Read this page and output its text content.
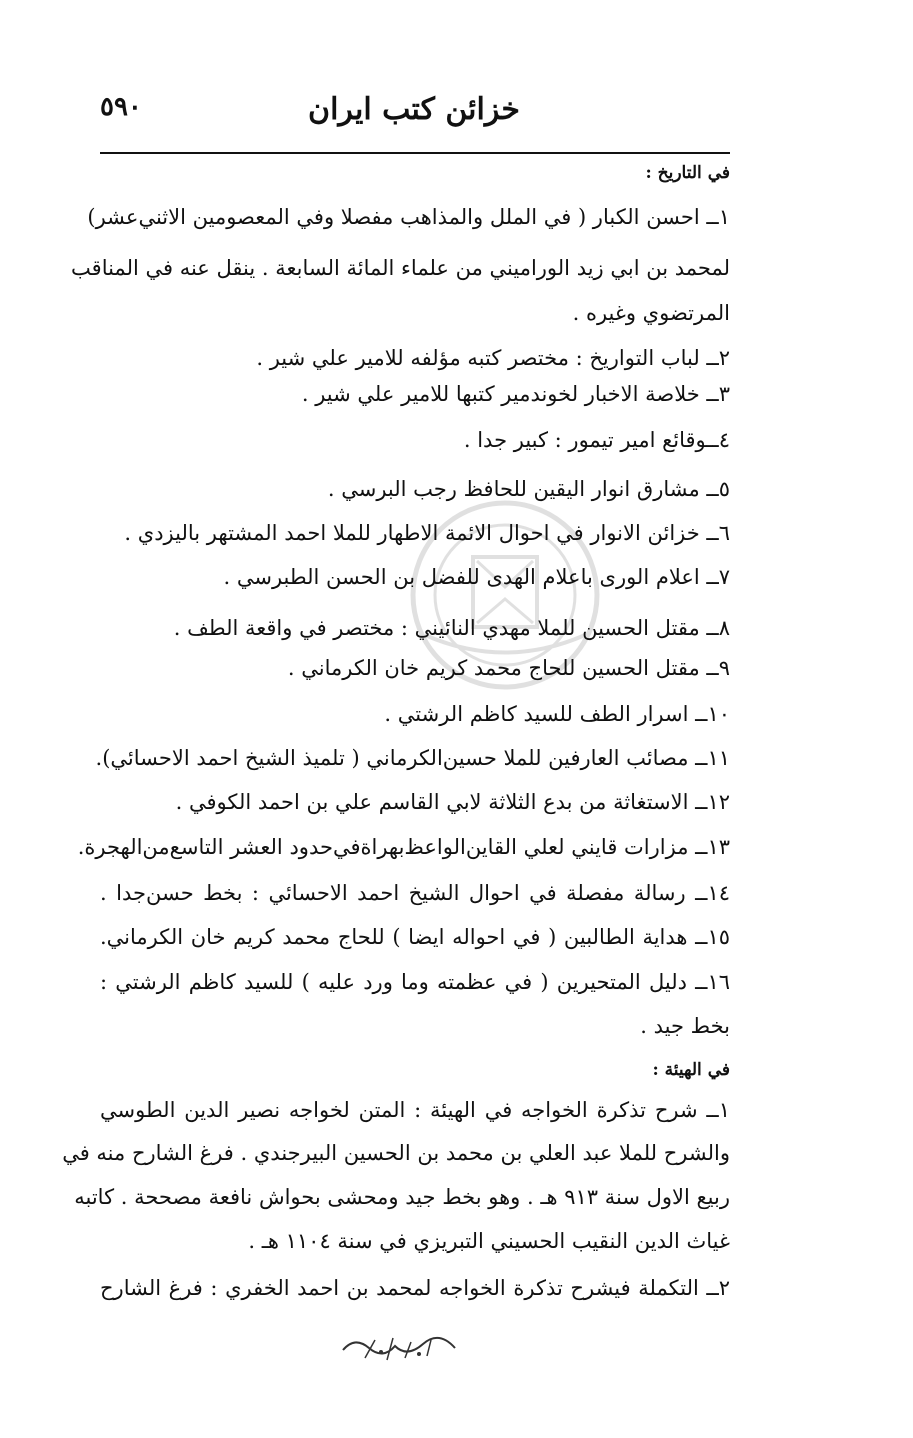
٥٩٠	خزائن كتب ايران
في التاريخ :
١ــ احسن الكبار ( في الملل والمذاهب مفصلا وفي المعصومين الاثني‌عشر)
لمحمد بن ابي زيد الوراميني من علماء المائة السابعة . ينقل عنه في المناقب
المرتضوي وغيره .
٢ــ لباب التواريخ : مختصر كتبه مؤلفه للامير علي شير .
٣ــ خلاصة الاخبار لخوندمير كتبها للامير علي شير .
٤ــوقائع امير تيمور : كبير جدا .
٥ــ مشارق انوار اليقين للحافظ رجب البرسي .
٦ــ خزائن الانوار في احوال الائمة الاطهار للملا احمد المشتهر باليزدي .
٧ــ اعلام الورى باعلام الهدى للفضل بن الحسن الطبرسي .
٨ــ مقتل الحسين للملا مهدي النائيني : مختصر في واقعة الطف .
٩ــ مقتل الحسين للحاج محمد كريم خان الكرماني .
١٠ــ اسرار الطف للسيد كاظم الرشتي .
١١ــ مصائب العارفين للملا حسين‌الكرماني ( تلميذ الشيخ احمد الاحسائي).
١٢ــ الاستغاثة من بدع الثلاثة لابي القاسم علي بن احمد الكوفي .
١٣ــ مزارات قايني لعلي القاين‌الواعظ‌بهراة‌في‌حدود العشر التاسع‌من‌الهجرة.
١٤ــ رسالة مفصلة في احوال الشيخ احمد الاحسائي : بخط حسن‌جدا .
١٥ــ هداية الطالبين ( في احواله ايضا ) للحاج محمد كريم خان الكرماني.
١٦ــ دليل المتحيرين ( في عظمته وما ورد عليه ) للسيد كاظم الرشتي :
بخط جيد .
في الهيئة :
١ــ شرح تذكرة الخواجه في الهيئة : المتن لخواجه نصير الدين الطوسي
والشرح للملا عبد العلي بن محمد بن الحسين البيرجندي . فرغ الشارح منه في
ربيع الاول سنة ٩١٣ هـ . وهو بخط جيد ومحشى بحواش نافعة مصححة . كاتبه
غياث الدين النقيب الحسيني التبريزي في سنة ١١٠٤ هـ .
٢ــ التكملة فيشرح تذكرة الخواجه لمحمد بن احمد الخفري : فرغ الشارح
